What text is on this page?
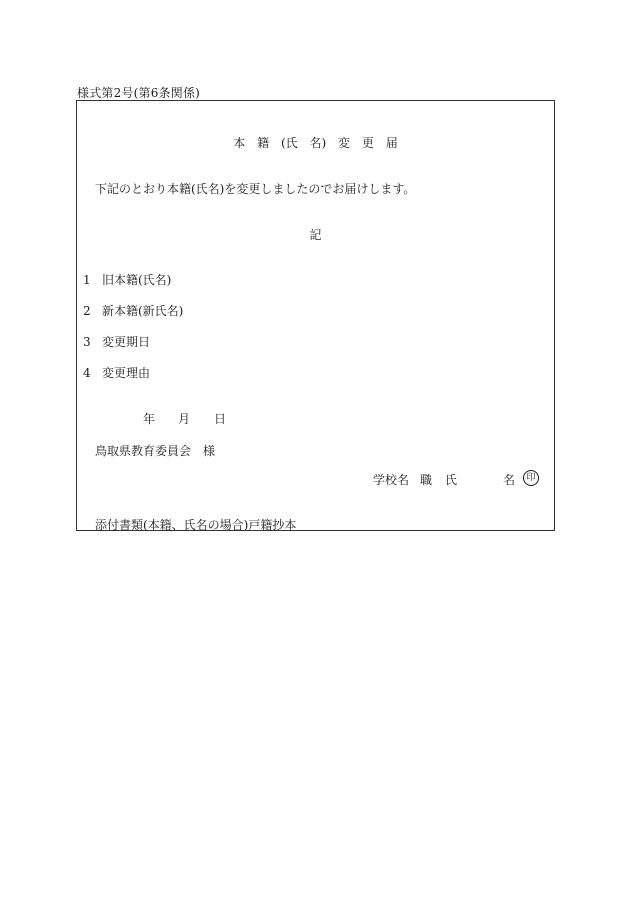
様式第2号(第6条関係)
本 籍 (氏 名) 変 更 届
下記のとおり本籍(氏名)を変更しましたのでお届けします。
記
1 旧本籍(氏名)
2 新本籍(新氏名)
3 変更期日
4 変更理由
年 月 日
鳥取県教育委員会　様
学校名 職 氏	名	印
添付書類(本籍、氏名の場合)戸籍抄本
